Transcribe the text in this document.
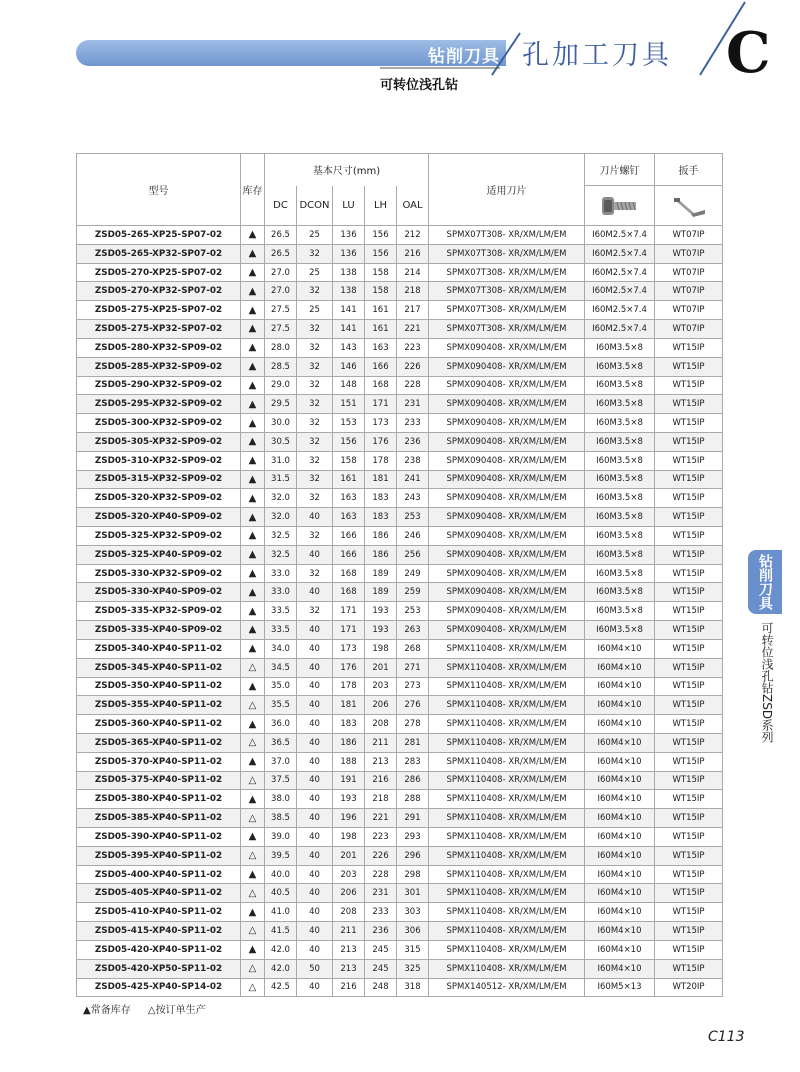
钻削刀具 孔加工刀具 C
可转位浅孔钻
钻削刀具
可转位浅孔钻ZSD系列
型号	库存	基本尺寸(mm)					适用刀片	刀片螺钉	扳手
		DC	DCON	LU	LH	OAL	

ZSD05-265-XP25-SP07-02	▲	26.5	25	136	156	212	SPMX07T308- XR/XM/LM/EM	I60M2.5×7.4	WT07IP
ZSD05-265-XP32-SP07-02	▲	26.5	32	136	156	216	SPMX07T308- XR/XM/LM/EM	I60M2.5×7.4	WT07IP
ZSD05-270-XP25-SP07-02	▲	27.0	25	138	158	214	SPMX07T308- XR/XM/LM/EM	I60M2.5×7.4	WT07IP
ZSD05-270-XP32-SP07-02	▲	27.0	32	138	158	218	SPMX07T308- XR/XM/LM/EM	I60M2.5×7.4	WT07IP
ZSD05-275-XP25-SP07-02	▲	27.5	25	141	161	217	SPMX07T308- XR/XM/LM/EM	I60M2.5×7.4	WT07IP
ZSD05-275-XP32-SP07-02	▲	27.5	32	141	161	221	SPMX07T308- XR/XM/LM/EM	I60M2.5×7.4	WT07IP
ZSD05-280-XP32-SP09-02	▲	28.0	32	143	163	223	SPMX090408- XR/XM/LM/EM	I60M3.5×8	WT15IP
ZSD05-285-XP32-SP09-02	▲	28.5	32	146	166	226	SPMX090408- XR/XM/LM/EM	I60M3.5×8	WT15IP
ZSD05-290-XP32-SP09-02	▲	29.0	32	148	168	228	SPMX090408- XR/XM/LM/EM	I60M3.5×8	WT15IP
ZSD05-295-XP32-SP09-02	▲	29.5	32	151	171	231	SPMX090408- XR/XM/LM/EM	I60M3.5×8	WT15IP
ZSD05-300-XP32-SP09-02	▲	30.0	32	153	173	233	SPMX090408- XR/XM/LM/EM	I60M3.5×8	WT15IP
ZSD05-305-XP32-SP09-02	▲	30.5	32	156	176	236	SPMX090408- XR/XM/LM/EM	I60M3.5×8	WT15IP
ZSD05-310-XP32-SP09-02	▲	31.0	32	158	178	238	SPMX090408- XR/XM/LM/EM	I60M3.5×8	WT15IP
ZSD05-315-XP32-SP09-02	▲	31.5	32	161	181	241	SPMX090408- XR/XM/LM/EM	I60M3.5×8	WT15IP
ZSD05-320-XP32-SP09-02	▲	32.0	32	163	183	243	SPMX090408- XR/XM/LM/EM	I60M3.5×8	WT15IP
ZSD05-320-XP40-SP09-02	▲	32.0	40	163	183	253	SPMX090408- XR/XM/LM/EM	I60M3.5×8	WT15IP
ZSD05-325-XP32-SP09-02	▲	32.5	32	166	186	246	SPMX090408- XR/XM/LM/EM	I60M3.5×8	WT15IP
ZSD05-325-XP40-SP09-02	▲	32.5	40	166	186	256	SPMX090408- XR/XM/LM/EM	I60M3.5×8	WT15IP
ZSD05-330-XP32-SP09-02	▲	33.0	32	168	189	249	SPMX090408- XR/XM/LM/EM	I60M3.5×8	WT15IP
ZSD05-330-XP40-SP09-02	▲	33.0	40	168	189	259	SPMX090408- XR/XM/LM/EM	I60M3.5×8	WT15IP
ZSD05-335-XP32-SP09-02	▲	33.5	32	171	193	253	SPMX090408- XR/XM/LM/EM	I60M3.5×8	WT15IP
ZSD05-335-XP40-SP09-02	▲	33.5	40	171	193	263	SPMX090408- XR/XM/LM/EM	I60M3.5×8	WT15IP
ZSD05-340-XP40-SP11-02	▲	34.0	40	173	198	268	SPMX110408- XR/XM/LM/EM	I60M4×10	WT15IP
ZSD05-345-XP40-SP11-02	△	34.5	40	176	201	271	SPMX110408- XR/XM/LM/EM	I60M4×10	WT15IP
ZSD05-350-XP40-SP11-02	▲	35.0	40	178	203	273	SPMX110408- XR/XM/LM/EM	I60M4×10	WT15IP
ZSD05-355-XP40-SP11-02	△	35.5	40	181	206	276	SPMX110408- XR/XM/LM/EM	I60M4×10	WT15IP
ZSD05-360-XP40-SP11-02	▲	36.0	40	183	208	278	SPMX110408- XR/XM/LM/EM	I60M4×10	WT15IP
ZSD05-365-XP40-SP11-02	△	36.5	40	186	211	281	SPMX110408- XR/XM/LM/EM	I60M4×10	WT15IP
ZSD05-370-XP40-SP11-02	▲	37.0	40	188	213	283	SPMX110408- XR/XM/LM/EM	I60M4×10	WT15IP
ZSD05-375-XP40-SP11-02	△	37.5	40	191	216	286	SPMX110408- XR/XM/LM/EM	I60M4×10	WT15IP
ZSD05-380-XP40-SP11-02	▲	38.0	40	193	218	288	SPMX110408- XR/XM/LM/EM	I60M4×10	WT15IP
ZSD05-385-XP40-SP11-02	△	38.5	40	196	221	291	SPMX110408- XR/XM/LM/EM	I60M4×10	WT15IP
ZSD05-390-XP40-SP11-02	▲	39.0	40	198	223	293	SPMX110408- XR/XM/LM/EM	I60M4×10	WT15IP
ZSD05-395-XP40-SP11-02	△	39.5	40	201	226	296	SPMX110408- XR/XM/LM/EM	I60M4×10	WT15IP
ZSD05-400-XP40-SP11-02	▲	40.0	40	203	228	298	SPMX110408- XR/XM/LM/EM	I60M4×10	WT15IP
ZSD05-405-XP40-SP11-02	△	40.5	40	206	231	301	SPMX110408- XR/XM/LM/EM	I60M4×10	WT15IP
ZSD05-410-XP40-SP11-02	▲	41.0	40	208	233	303	SPMX110408- XR/XM/LM/EM	I60M4×10	WT15IP
ZSD05-415-XP40-SP11-02	△	41.5	40	211	236	306	SPMX110408- XR/XM/LM/EM	I60M4×10	WT15IP
ZSD05-420-XP40-SP11-02	▲	42.0	40	213	245	315	SPMX110408- XR/XM/LM/EM	I60M4×10	WT15IP
ZSD05-420-XP50-SP11-02	△	42.0	50	213	245	325	SPMX110408- XR/XM/LM/EM	I60M4×10	WT15IP
ZSD05-425-XP40-SP14-02	△	42.5	40	216	248	318	SPMX140512- XR/XM/LM/EM	I60M5×13	WT20IP
▲常备库存 △按订单生产
C113
